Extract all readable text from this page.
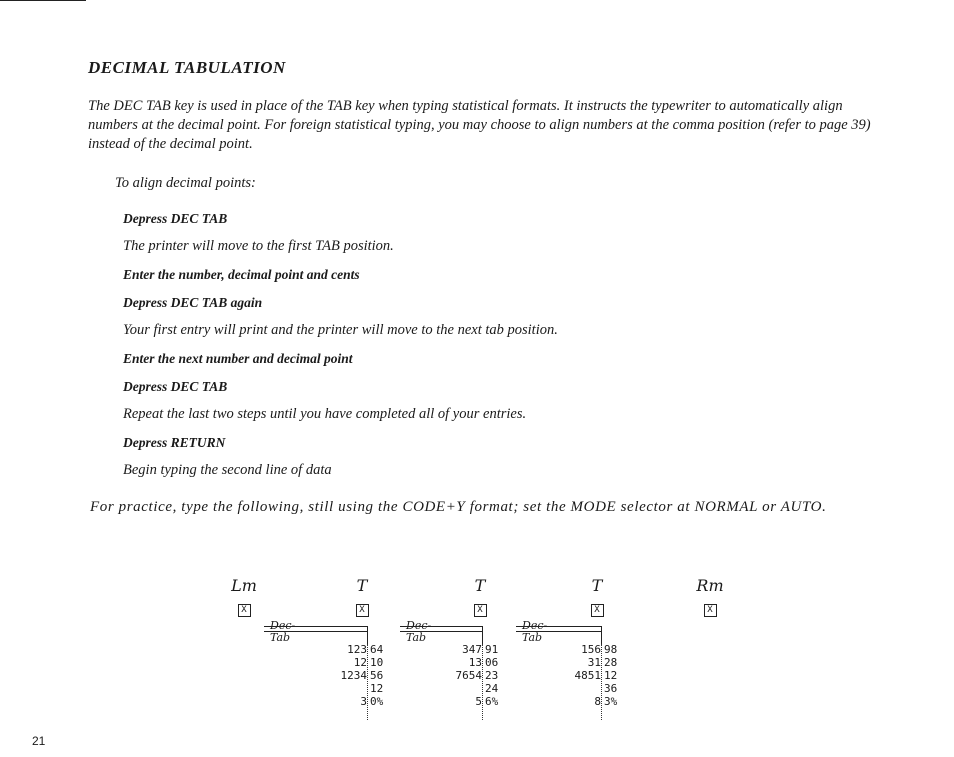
DECIMAL TABULATION
The DEC TAB key is used in place of the TAB key when typing statistical formats. It instructs the typewriter to automatically align numbers at the decimal point. For foreign statistical typing, you may choose to align numbers at the comma position (refer to page 39) instead of the decimal point.
To align decimal points:
Depress DEC TAB
The printer will move to the first TAB position.
Enter the number, decimal point and cents
Depress DEC TAB again
Your first entry will print and the printer will move to the next tab position.
Enter the next number and decimal point
Depress DEC TAB
Repeat the last two steps until you have completed all of your entries.
Depress RETURN
Begin typing the second line of data
For practice, type the following, still using the CODE+Y format; set the MODE selector at NORMAL or AUTO.
Lm
X
T
X
T
X
T
X
Rm
X
Dec-Tab
123 64
12 10
1234 56
12
3 0%
Dec-Tab
347 91
13 06
7654 23
24
5 6%
Dec-Tab
156 98
31 28
4851 12
36
8 3%
21
